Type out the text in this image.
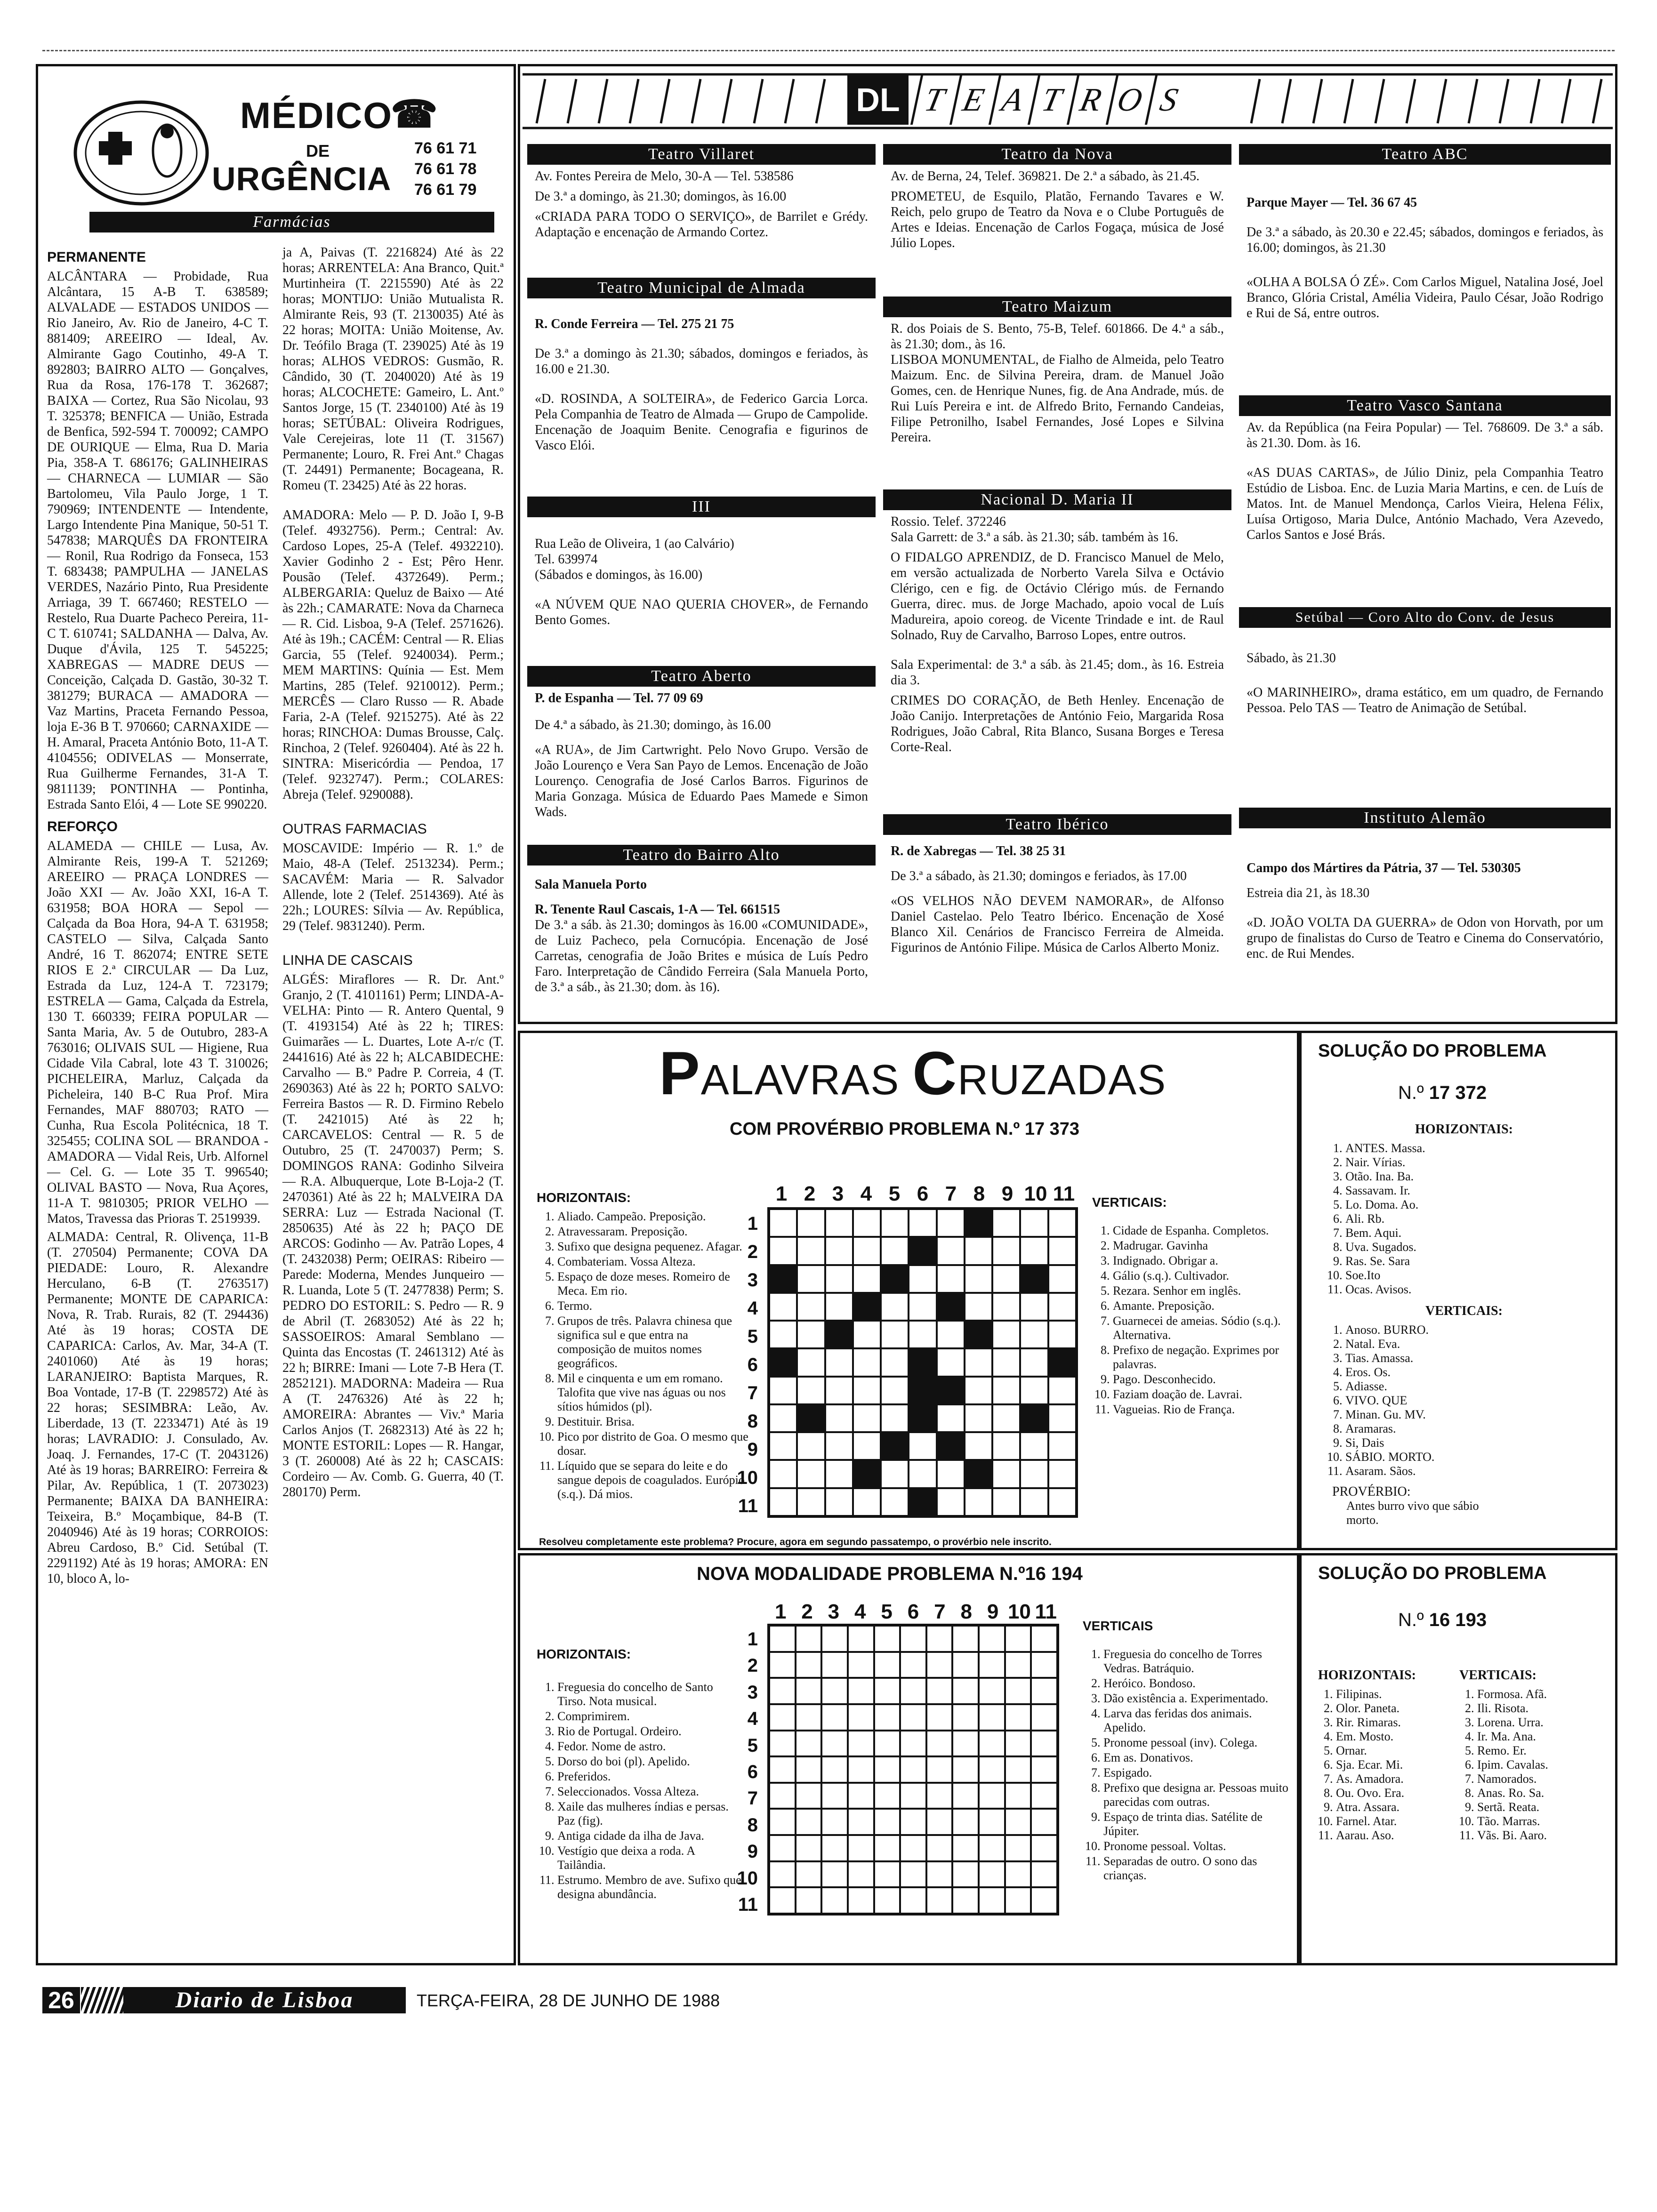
MÉDICO
☎
DE	76 61 71
URGÊNCIA 76 61 78
76 61 79
Farmácias
PERMANENTE

ALCÂNTARA — Probidade, Rua Alcântara, 15 A-B T. 638589; ALVALADE — ESTADOS UNIDOS — Rio Janeiro, Av. Rio de Janeiro, 4-C T. 881409; AREEIRO — Ideal, Av. Almirante Gago Coutinho, 49-A T. 892803; BAIRRO ALTO — Gonçalves, Rua da Rosa, 176-178 T. 362687; BAIXA — Cortez, Rua São Nicolau, 93 T. 325378; BENFICA — União, Estrada de Benfica, 592-594 T. 700092; CAMPO DE OURIQUE — Elma, Rua D. Maria Pia, 358-A T. 686176; GALINHEIRAS — CHARNECA — LUMIAR — São Bartolomeu, Vila Paulo Jorge, 1 T. 790969; INTENDENTE — Intendente, Largo Intendente Pina Manique, 50-51 T. 547838; MARQUÊS DA FRONTEIRA — Ronil, Rua Rodrigo da Fonseca, 153 T. 683438; PAMPULHA — JANELAS VERDES, Nazário Pinto, Rua Presidente Arriaga, 39 T. 667460; RESTELO — Restelo, Rua Duarte Pacheco Pereira, 11-C T. 610741; SALDANHA — Dalva, Av. Duque d'Ávila, 125 T. 545225; XABREGAS — MADRE DEUS — Conceição, Calçada D. Gastão, 30-32 T. 381279; BURACA — AMADORA — Vaz Martins, Praceta Fernando Pessoa, loja E-36 B T. 970660; CARNAXIDE — H. Amaral, Praceta António Boto, 11-A T. 4104556; ODIVELAS — Monserrate, Rua Guilherme Fernandes, 31-A T. 9811139; PONTINHA — Pontinha, Estrada Santo Elói, 4 — Lote SE 990220.

REFORÇO

ALAMEDA — CHILE — Lusa, Av. Almirante Reis, 199-A T. 521269; AREEIRO — PRAÇA LONDRES — João XXI — Av. João XXI, 16-A T. 631958; BOA HORA — Sepol — Calçada da Boa Hora, 94-A T. 631958; CASTELO — Silva, Calçada Santo André, 16 T. 862074; ENTRE SETE RIOS E 2.ª CIRCULAR — Da Luz, Estrada da Luz, 124-A T. 723179; ESTRELA — Gama, Calçada da Estrela, 130 T. 660339; FEIRA POPULAR — Santa Maria, Av. 5 de Outubro, 283-A 763016; OLIVAIS SUL — Higiene, Rua Cidade Vila Cabral, lote 43 T. 310026; PICHELEIRA, Marluz, Calçada da Picheleira, 140 B-C Rua Prof. Mira Fernandes, MAF 880703; RATO — Cunha, Rua Escola Politécnica, 18 T. 325455; COLINA SOL — BRANDOA - AMADORA — Vidal Reis, Urb. Alfornel — Cel. G. — Lote 35 T. 996540; OLIVAL BASTO — Nova, Rua Açores, 11-A T. 9810305; PRIOR VELHO — Matos, Travessa das Prioras T. 2519939.

ALMADA: Central, R. Olivença, 11-B (T. 270504) Permanente; COVA DA PIEDADE: Louro, R. Alexandre Herculano, 6-B (T. 2763517) Permanente; MONTE DE CAPARICA: Nova, R. Trab. Rurais, 82 (T. 294436) Até às 19 horas; COSTA DE CAPARICA: Carlos, Av. Mar, 34-A (T. 2401060) Até às 19 horas; LARANJEIRO: Baptista Marques, R. Boa Vontade, 17-B (T. 2298572) Até às 22 horas; SESIMBRA: Leão, Av. Liberdade, 13 (T. 2233471) Até às 19 horas; LAVRADIO: J. Consulado, Av. Joaq. J. Fernandes, 17-C (T. 2043126) Até às 19 horas; BARREIRO: Ferreira & Pilar, Av. República, 1 (T. 2073023) Permanente; BAIXA DA BANHEIRA: Teixeira, B.º Moçambique, 84-B (T. 2040946) Até às 19 horas; CORROIOS: Abreu Cardoso, B.º Cid. Setúbal (T. 2291192) Até às 19 horas; AMORA: EN 10, bloco A, lo-

ja A, Paivas (T. 2216824) Até às 22 horas; ARRENTELA: Ana Branco, Quit.ª Murtinheira (T. 2215590) Até às 22 horas; MONTIJO: União Mutualista R. Almirante Reis, 93 (T. 2130035) Até às 22 horas; MOITA: União Moitense, Av. Dr. Teófilo Braga (T. 239025) Até às 19 horas; ALHOS VEDROS: Gusmão, R. Cândido, 30 (T. 2040020) Até às 19 horas; ALCOCHETE: Gameiro, L. Ant.º Santos Jorge, 15 (T. 2340100) Até às 19 horas; SETÚBAL: Oliveira Rodrigues, Vale Cerejeiras, lote 11 (T. 31567) Permanente; Louro, R. Frei Ant.º Chagas (T. 24491) Permanente; Bocageana, R. Romeu (T. 23425) Até às 22 horas.

AMADORA: Melo — P. D. João I, 9-B (Telef. 4932756). Perm.; Central: Av. Cardoso Lopes, 25-A (Telef. 4932210). Xavier Godinho 2 - Est; Pêro Henr. Pousão (Telef. 4372649). Perm.; ALBERGARIA: Queluz de Baixo — Até às 22h.; CAMARATE: Nova da Charneca — R. Cid. Lisboa, 9-A (Telef. 2571626). Até às 19h.; CACÉM: Central — R. Elias Garcia, 55 (Telef. 9240034). Perm.; MEM MARTINS: Quínia — Est. Mem Martins, 285 (Telef. 9210012). Perm.; MERCÊS — Claro Russo — R. Abade Faria, 2-A (Telef. 9215275). Até às 22 horas; RINCHOA: Dumas Brousse, Calç. Rinchoa, 2 (Telef. 9260404). Até às 22 h. SINTRA: Misericórdia — Pendoa, 17 (Telef. 9232747). Perm.; COLARES: Abreja (Telef. 9290088).

OUTRAS FARMACIAS

MOSCAVIDE: Império — R. 1.º de Maio, 48-A (Telef. 2513234). Perm.; SACAVÉM: Maria — R. Salvador Allende, lote 2 (Telef. 2514369). Até às 22h.; LOURES: Sílvia — Av. República, 29 (Telef. 9831240). Perm.

LINHA DE CASCAIS

ALGÉS: Miraflores — R. Dr. Ant.º Granjo, 2 (T. 4101161) Perm; LINDA-A-VELHA: Pinto — R. Antero Quental, 9 (T. 4193154) Até às 22 h; TIRES: Guimarães — L. Duartes, Lote A-r/c (T. 2441616) Até às 22 h; ALCABIDECHE: Carvalho — B.º Padre P. Correia, 4 (T. 2690363) Até às 22 h; PORTO SALVO: Ferreira Bastos — R. D. Firmino Rebelo (T. 2421015) Até às 22 h; CARCAVELOS: Central — R. 5 de Outubro, 25 (T. 2470037) Perm; S. DOMINGOS RANA: Godinho Silveira — R.A. Albuquerque, Lote B-Loja-2 (T. 2470361) Até às 22 h; MALVEIRA DA SERRA: Luz — Estrada Nacional (T. 2850635) Até às 22 h; PAÇO DE ARCOS: Godinho — Av. Patrão Lopes, 4 (T. 2432038) Perm; OEIRAS: Ribeiro — Parede: Moderna, Mendes Junqueiro — R. Luanda, Lote 5 (T. 2477838) Perm; S. PEDRO DO ESTORIL: S. Pedro — R. 9 de Abril (T. 2683052) Até às 22 h; SASSOEIROS: Amaral Semblano — Quinta das Encostas (T. 2461312) Até às 22 h; BIRRE: Imani — Lote 7-B Hera (T. 2852121). MADORNA: Madeira — Rua A (T. 2476326) Até às 22 h; AMOREIRA: Abrantes — Viv.ª Maria Carlos Anjos (T. 2682313) Até às 22 h; MONTE ESTORIL: Lopes — R. Hangar, 3 (T. 260008) Até às 22 h; CASCAIS: Cordeiro — Av. Comb. G. Guerra, 40 (T. 280170) Perm.

DL T E A T R O S
Teatro Villaret

Av. Fontes Pereira de Melo, 30-A — Tel. 538586

De 3.ª a domingo, às 21.30; domingos, às 16.00

«CRIADA PARA TODO O SERVIÇO», de Barrilet e Grédy. Adaptação e encenação de Armando Cortez.

Teatro Municipal de Almada

R. Conde Ferreira — Tel. 275 21 75

De 3.ª a domingo às 21.30; sábados, domingos e feriados, às 16.00 e 21.30.

«D. ROSINDA, A SOLTEIRA», de Federico Garcia Lorca. Pela Companhia de Teatro de Almada — Grupo de Campolide. Encenação de Joaquim Benite. Cenografia e figurinos de Vasco Elói.

III

Rua Leão de Oliveira, 1 (ao Calvário)

Tel. 639974

(Sábados e domingos, às 16.00)

«A NÚVEM QUE NAO QUERIA CHOVER», de Fernando Bento Gomes.

Teatro Aberto

P. de Espanha — Tel. 77 09 69

De 4.ª a sábado, às 21.30; domingo, às 16.00

«A RUA», de Jim Cartwright. Pelo Novo Grupo. Versão de João Lourenço e Vera San Payo de Lemos. Encenação de João Lourenço. Cenografia de José Carlos Barros. Figurinos de Maria Gonzaga. Música de Eduardo Paes Mamede e Simon Wads.

Teatro do Bairro Alto

Sala Manuela Porto

R. Tenente Raul Cascais, 1-A — Tel. 661515

De 3.ª a sáb. às 21.30; domingos às 16.00 «COMUNIDADE», de Luiz Pacheco, pela Cornucópia. Encenação de José Carretas, cenografia de João Brites e música de Luís Pedro Faro. Interpretação de Cândido Ferreira (Sala Manuela Porto, de 3.ª a sáb., às 21.30; dom. às 16).

Teatro da Nova

Av. de Berna, 24, Telef. 369821. De 2.ª a sábado, às 21.45.

PROMETEU, de Esquilo, Platão, Fernando Tavares e W. Reich, pelo grupo de Teatro da Nova e o Clube Português de Artes e Ideias. Encenação de Carlos Fogaça, música de José Júlio Lopes.

Teatro Maizum

R. dos Poiais de S. Bento, 75-B, Telef. 601866. De 4.ª a sáb., às 21.30; dom., às 16.

LISBOA MONUMENTAL, de Fialho de Almeida, pelo Teatro Maizum. Enc. de Silvina Pereira, dram. de Manuel João Gomes, cen. de Henrique Nunes, fig. de Ana Andrade, mús. de Rui Luís Pereira e int. de Alfredo Brito, Fernando Candeias, Filipe Petronilho, Isabel Fernandes, José Lopes e Silvina Pereira.

Nacional D. Maria II

Rossio. Telef. 372246

Sala Garrett: de 3.ª a sáb. às 21.30; sáb. também às 16.

O FIDALGO APRENDIZ, de D. Francisco Manuel de Melo, em versão actualizada de Norberto Varela Silva e Octávio Clérigo, cen e fig. de Octávio Clérigo mús. de Fernando Guerra, direc. mus. de Jorge Machado, apoio vocal de Luís Madureira, apoio coreog. de Vicente Trindade e int. de Raul Solnado, Ruy de Carvalho, Barroso Lopes, entre outros.

Sala Experimental: de 3.ª a sáb. às 21.45; dom., às 16. Estreia dia 3.

CRIMES DO CORAÇÃO, de Beth Henley. Encenação de João Canijo. Interpretações de António Feio, Margarida Rosa Rodrigues, João Cabral, Rita Blanco, Susana Borges e Teresa Corte-Real.

Teatro Ibérico

R. de Xabregas — Tel. 38 25 31

De 3.ª a sábado, às 21.30; domingos e feriados, às 17.00

«OS VELHOS NÃO DEVEM NAMORAR», de Alfonso Daniel Castelao. Pelo Teatro Ibérico. Encenação de Xosé Blanco Xil. Cenários de Francisco Ferreira de Almeida. Figurinos de António Filipe. Música de Carlos Alberto Moniz.

Teatro ABC

Parque Mayer — Tel. 36 67 45

De 3.ª a sábado, às 20.30 e 22.45; sábados, domingos e feriados, às 16.00; domingos, às 21.30

«OLHA A BOLSA Ó ZÉ». Com Carlos Miguel, Natalina José, Joel Branco, Glória Cristal, Amélia Videira, Paulo César, João Rodrigo e Rui de Sá, entre outros.

Teatro Vasco Santana

Av. da República (na Feira Popular) — Tel. 768609. De 3.ª a sáb. às 21.30. Dom. às 16.

«AS DUAS CARTAS», de Júlio Diniz, pela Companhia Teatro Estúdio de Lisboa. Enc. de Luzia Maria Martins, e cen. de Luís de Matos. Int. de Manuel Mendonça, Carlos Vieira, Helena Félix, Luísa Ortigoso, Maria Dulce, António Machado, Vera Azevedo, Carlos Santos e José Brás.

Setúbal — Coro Alto do Conv. de Jesus

Sábado, às 21.30

«O MARINHEIRO», drama estático, em um quadro, de Fernando Pessoa. Pelo TAS — Teatro de Animação de Setúbal.

Instituto Alemão

Campo dos Mártires da Pátria, 37 — Tel. 530305

Estreia dia 21, às 18.30

«D. JOÃO VOLTA DA GUERRA» de Odon von Horvath, por um grupo de finalistas do Curso de Teatro e Cinema do Conservatório, enc. de Rui Mendes.

PALAVRAS CRUZADAS
COM PROVÉRBIO PROBLEMA N.º 17 373
1 2 3 4 5 6 7 8 9 10 11
1
2
3
4
5
6
7
8
9
10
11
HORIZONTAIS:
1. Aliado. Campeão. Preposição.
2. Atravessaram. Preposição.
3. Sufixo que designa pequenez. Afagar.
4. Combateriam. Vossa Alteza.
5. Espaço de doze meses. Romeiro de Meca. Em rio.
6. Termo.
7. Grupos de três. Palavra chinesa que significa sul e que entra na composição de muitos nomes geográficos.
8. Mil e cinquenta e um em romano. Talofita que vive nas águas ou nos sítios húmidos (pl).
9. Destituir. Brisa.
10. Pico por distrito de Goa. O mesmo que dosar.
11. Líquido que se separa do leite e do sangue depois de coagulados. Európio (s.q.). Dá mios.
VERTICAIS:
1. Cidade de Espanha. Completos.
2. Madrugar. Gavinha
3. Indignado. Obrigar a.
4. Gálio (s.q.). Cultivador.
5. Rezara. Senhor em inglês.
6. Amante. Preposição.
7. Guarnecei de ameias. Sódio (s.q.). Alternativa.
8. Prefixo de negação. Exprimes por palavras.
9. Pago. Desconhecido.
10. Faziam doação de. Lavrai.
11. Vagueias. Rio de França.
Resolveu completamente este problema? Procure, agora em segundo passatempo, o provérbio nele inscrito.
SOLUÇÃO DO PROBLEMA
N.º 17 372
HORIZONTAIS:
1. ANTES. Massa.
2. Nair. Vírias.
3. Otão. Ina. Ba.
4. Sassavam. Ir.
5. Lo. Doma. Ao.
6. Ali. Rb.
7. Bem. Aqui.
8. Uva. Sugados.
9. Ras. Se. Sara
10. Soe.Ito
11. Ocas. Avisos.
VERTICAIS:
1. Anoso. BURRO.
2. Natal. Eva.
3. Tias. Amassa.
4. Eros. Os.
5. Adiasse.
6. VIVO. QUE
7. Minan. Gu. MV.
8. Aramaras.
9. Si, Dais
10. SÁBIO. MORTO.
11. Asaram. Sãos.
PROVÉRBIO:
Antes burro vivo que sábio morto.
NOVA MODALIDADE PROBLEMA N.º16 194
1 2 3 4 5 6 7 8 9 10 11
1
2
3
4
5
6
7
8
9
10
11
HORIZONTAIS:
1. Freguesia do concelho de Santo Tirso. Nota musical.
2. Comprimirem.
3. Rio de Portugal. Ordeiro.
4. Fedor. Nome de astro.
5. Dorso do boi (pl). Apelido.
6. Preferidos.
7. Seleccionados. Vossa Alteza.
8. Xaile das mulheres índias e persas. Paz (fig).
9. Antiga cidade da ilha de Java.
10. Vestígio que deixa a roda. A Tailândia.
11. Estrumo. Membro de ave. Sufixo que designa abundância.
VERTICAIS
1. Freguesia do concelho de Torres Vedras. Batráquio.
2. Heróico. Bondoso.
3. Dão existência a. Experimentado.
4. Larva das feridas dos animais. Apelido.
5. Pronome pessoal (inv). Colega.
6. Em as. Donativos.
7. Espigado.
8. Prefixo que designa ar. Pessoas muito parecidas com outras.
9. Espaço de trinta dias. Satélite de Júpiter.
10. Pronome pessoal. Voltas.
11. Separadas de outro. O sono das crianças.
SOLUÇÃO DO PROBLEMA
N.º 16 193
HORIZONTAIS:
1. Filipinas.
2. Olor. Paneta.
3. Rir. Rimaras.
4. Em. Mosto.
5. Ornar.
6. Sja. Ecar. Mi.
7. As. Amadora.
8. Ou. Ovo. Era.
9. Atra. Assara.
10. Farnel. Atar.
11. Aarau. Aso.
VERTICAIS:
1. Formosa. Afã.
2. Ili. Risota.
3. Lorena. Urra.
4. Ir. Ma. Ana.
5. Remo. Er.
6. Ipim. Cavalas.
7. Namorados.
8. Anas. Ro. Sa.
9. Sertã. Reata.
10. Tão. Marras.
11. Vãs. Bi. Aaro.
26	Diario de Lisboa	TERÇA-FEIRA, 28 DE JUNHO DE 1988
